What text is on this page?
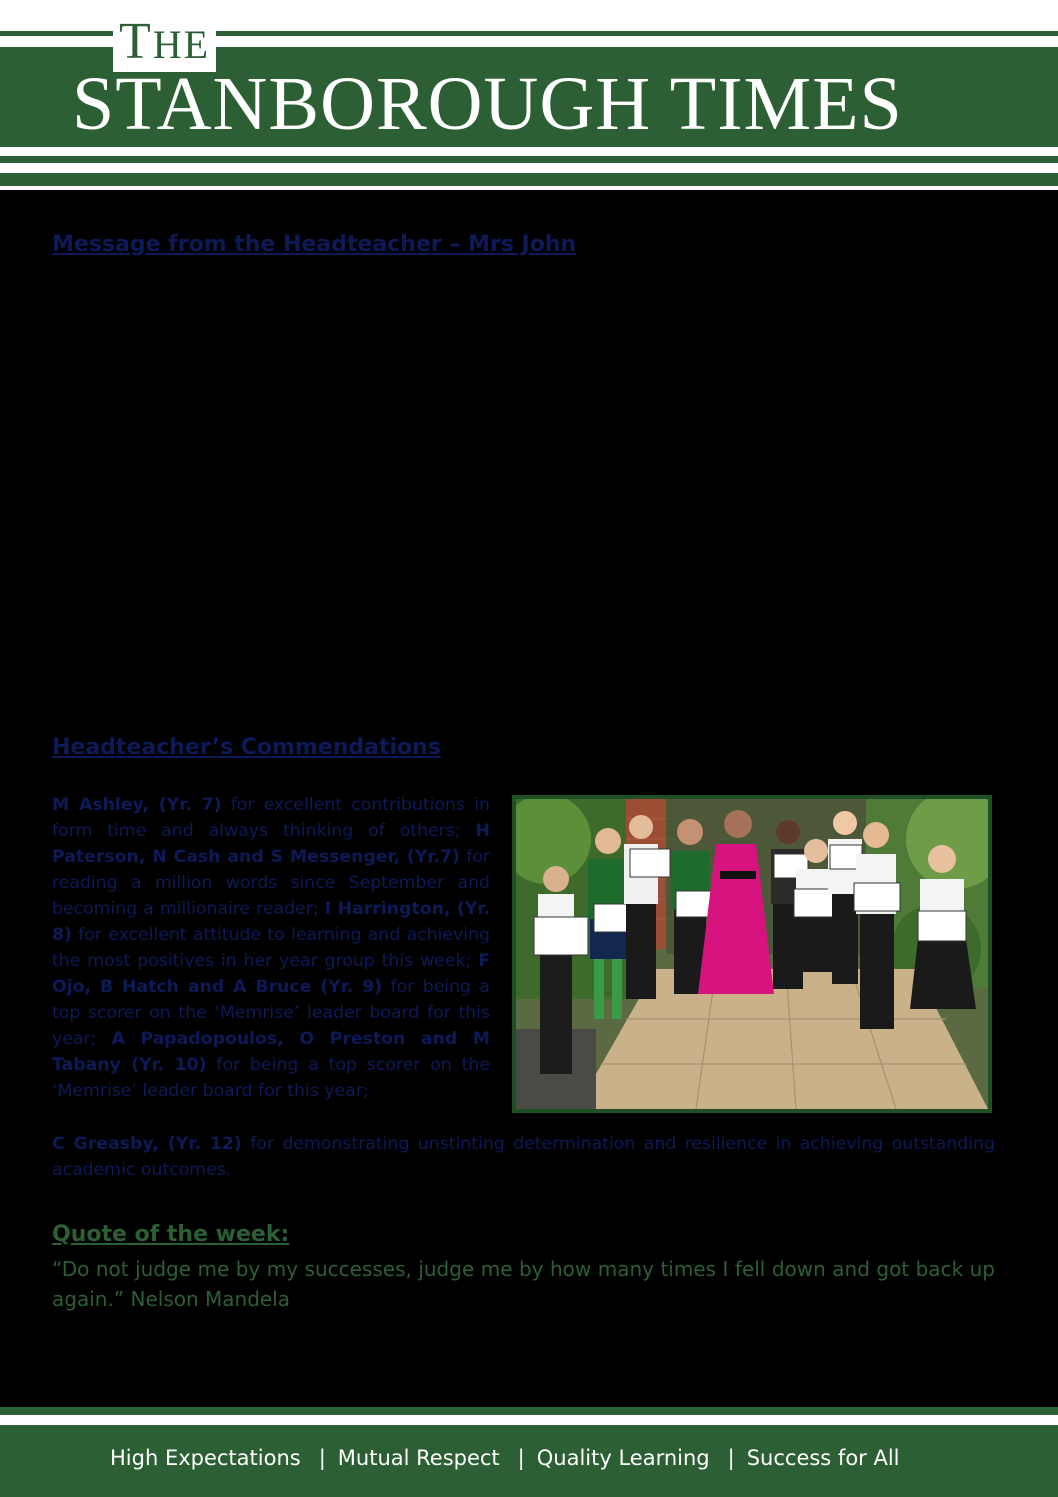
THE
STANBOROUGH TIMES
Message from the Headteacher – Mrs John
Headteacher’s Commendations

M Ashley, (Yr. 7) for excellent contributions in form time and always thinking of others; H Paterson, N Cash and S Messenger, (Yr.7) for reading a million words since September and becoming a millionaire reader; I Harrington, (Yr. 8) for excellent attitude to learning and achieving the most positives in her year group this week; F Ojo, B Hatch and A Bruce (Yr. 9) for being a top scorer on the ‘Memrise’ leader board for this year; A Papadopoulos, O Preston and M Tabany (Yr. 10) for being a top scorer on the ‘Memrise’ leader board for this year;

C Greasby, (Yr. 12) for demonstrating unstinting determination and resilience in achieving outstanding academic outcomes.

Quote of the week:

“Do not judge me by my successes, judge me by how many times I fell down and got back up again.” Nelson Mandela

High Expectations | Mutual Respect | Quality Learning | Success for All
